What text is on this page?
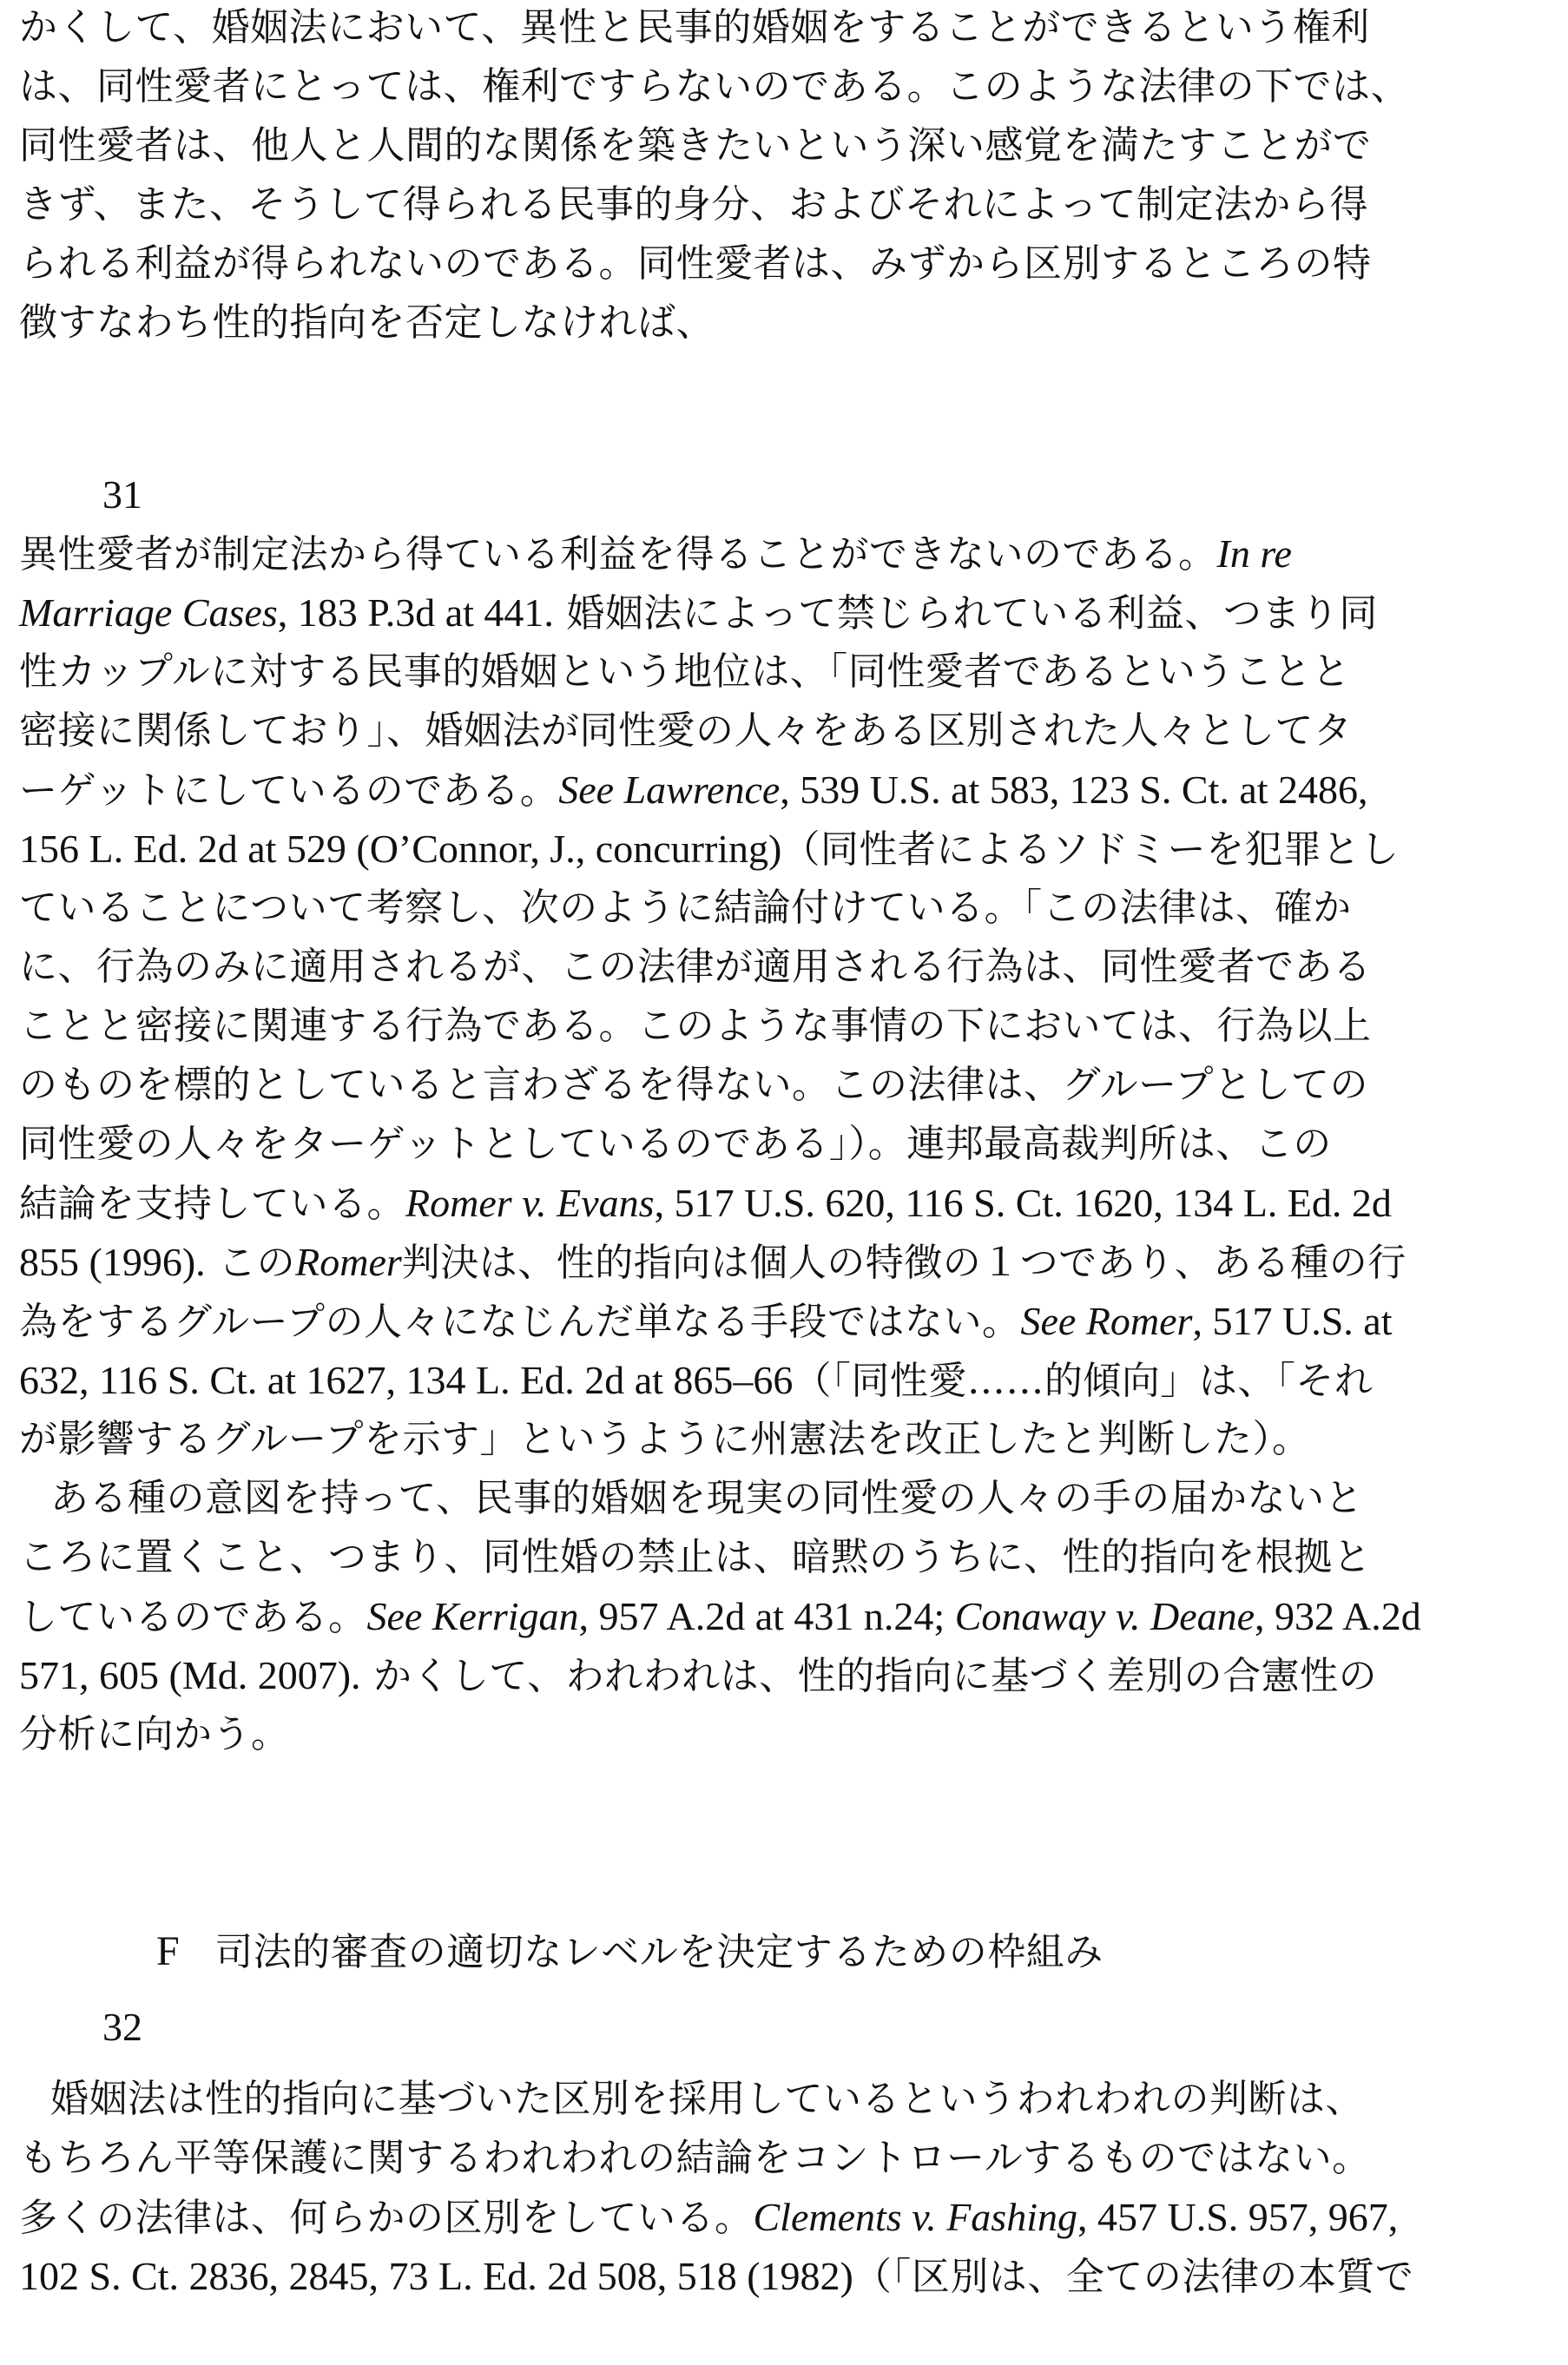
かくして、婚姻法において、異性と民事的婚姻をすることができるという権利
は、同性愛者にとっては、権利ですらないのである。このような法律の下では、
同性愛者は、他人と人間的な関係を築きたいという深い感覚を満たすことがで
きず、また、そうして得られる民事的身分、およびそれによって制定法から得
られる利益が得られないのである。同性愛者は、みずから区別するところの特
徴すなわち性的指向を否定しなければ、
31
異性愛者が制定法から得ている利益を得ることができないのである。In re
Marriage Cases, 183 P.3d at 441. 婚姻法によって禁じられている利益、つまり同
性カップルに対する民事的婚姻という地位は、「同性愛者であるということと
密接に関係しており」、婚姻法が同性愛の人々をある区別された人々としてタ
ーゲットにしているのである。See Lawrence, 539 U.S. at 583, 123 S. Ct. at 2486,
156 L. Ed. 2d at 529 (O’Connor, J., concurring)（同性者によるソドミーを犯罪とし
ていることについて考察し、次のように結論付けている。「この法律は、確か
に、行為のみに適用されるが、この法律が適用される行為は、同性愛者である
ことと密接に関連する行為である。このような事情の下においては、行為以上
のものを標的としていると言わざるを得ない。この法律は、グループとしての
同性愛の人々をターゲットとしているのである」）。連邦最高裁判所は、この
結論を支持している。Romer v. Evans, 517 U.S. 620, 116 S. Ct. 1620, 134 L. Ed. 2d
855 (1996). このRomer判決は、性的指向は個人の特徴の１つであり、ある種の行
為をするグループの人々になじんだ単なる手段ではない。See Romer, 517 U.S. at
632, 116 S. Ct. at 1627, 134 L. Ed. 2d at 865–66（「同性愛……的傾向」は、「それ
が影響するグループを示す」というように州憲法を改正したと判断した）。
ある種の意図を持って、民事的婚姻を現実の同性愛の人々の手の届かないと
ころに置くこと、つまり、同性婚の禁止は、暗黙のうちに、性的指向を根拠と
しているのである。See Kerrigan, 957 A.2d at 431 n.24; Conaway v. Deane, 932 A.2d
571, 605 (Md. 2007). かくして、われわれは、性的指向に基づく差別の合憲性の
分析に向かう。
F 司法的審査の適切なレベルを決定するための枠組み
32
婚姻法は性的指向に基づいた区別を採用しているというわれわれの判断は、
もちろん平等保護に関するわれわれの結論をコントロールするものではない。
多くの法律は、何らかの区別をしている。Clements v. Fashing, 457 U.S. 957, 967,
102 S. Ct. 2836, 2845, 73 L. Ed. 2d 508, 518 (1982)（「区別は、全ての法律の本質で
